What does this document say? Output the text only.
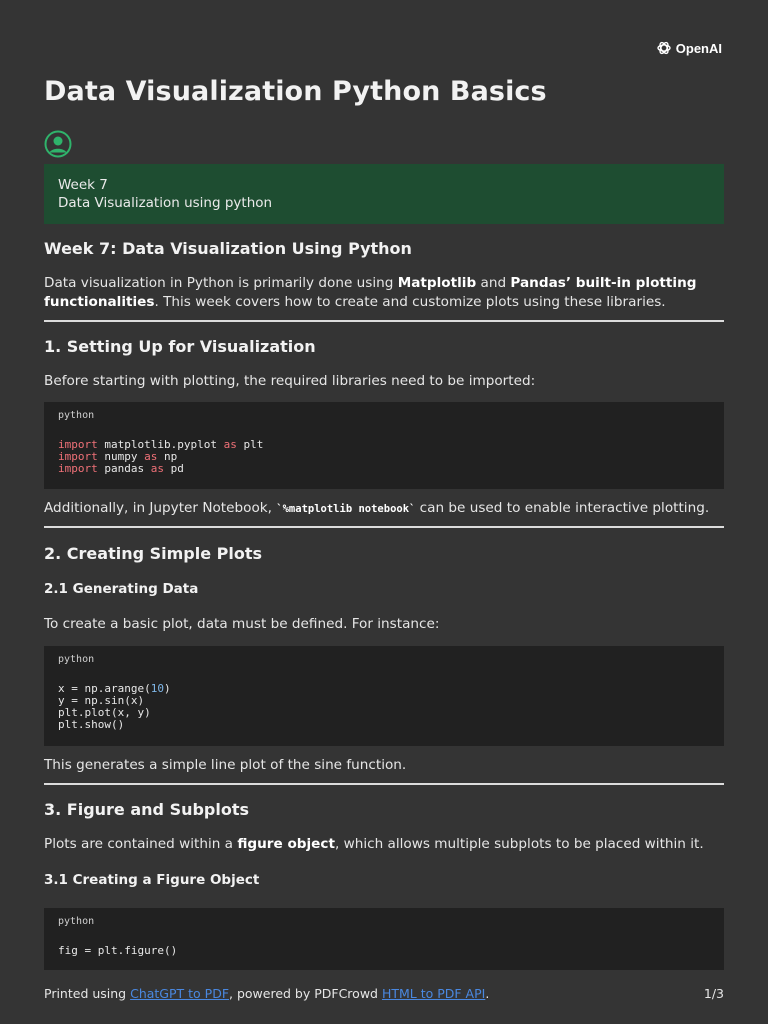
OpenAI
Data Visualization Python Basics
Week 7
Data Visualization using python
Week 7: Data Visualization Using Python

Data visualization in Python is primarily done using Matplotlib and Pandas’ built-in plotting functionalities. This week covers how to create and customize plots using these libraries.

1. Setting Up for Visualization

Before starting with plotting, the required libraries need to be imported:

python
import matplotlib.pyplot as plt
import numpy as np
import pandas as pd

Additionally, in Jupyter Notebook, `%matplotlib notebook` can be used to enable interactive plotting.

2. Creating Simple Plots
2.1 Generating Data

To create a basic plot, data must be defined. For instance:

python
x = np.arange(10)
y = np.sin(x)
plt.plot(x, y)
plt.show()

This generates a simple line plot of the sine function.

3. Figure and Subplots

Plots are contained within a figure object, which allows multiple subplots to be placed within it.

3.1 Creating a Figure Object
python
fig = plt.figure()
Printed using ChatGPT to PDF, powered by PDFCrowd HTML to PDF API.	1/3
